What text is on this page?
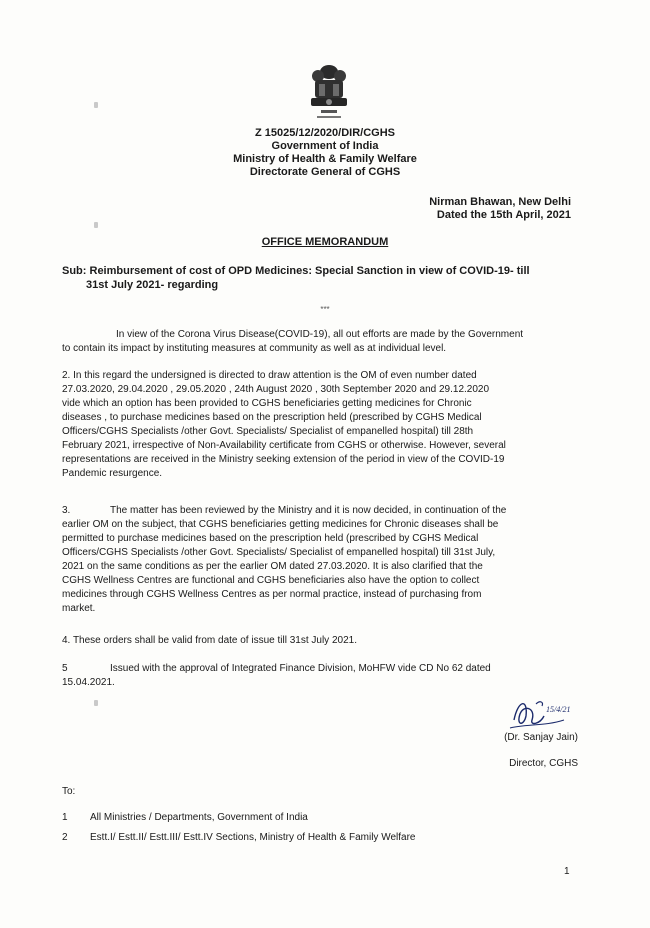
Z 15025/12/2020/DIR/CGHS
Government of India
Ministry of Health & Family Welfare
Directorate General of CGHS
Nirman Bhawan, New Delhi
Dated the 15th April, 2021
OFFICE MEMORANDUM
Sub: Reimbursement of cost of OPD Medicines: Special Sanction in view of COVID-19- till
31st July 2021- regarding
***
In view of the Corona Virus Disease(COVID-19), all out efforts are made by the Government
to contain its impact by instituting measures at community as well as at individual level.
2. In this regard the undersigned is directed to draw attention is the OM of even number dated
27.03.2020, 29.04.2020 , 29.05.2020 , 24th August 2020 , 30th September 2020 and 29.12.2020
vide which an option has been provided to CGHS beneficiaries getting medicines for Chronic
diseases , to purchase medicines based on the prescription held (prescribed by CGHS Medical
Officers/CGHS Specialists /other Govt. Specialists/ Specialist of empanelled hospital) till 28th
February 2021, irrespective of Non-Availability certificate from CGHS or otherwise. However, several
representations are received in the Ministry seeking extension of the period in view of the COVID-19
Pandemic resurgence.
3.	The matter has been reviewed by the Ministry and it is now decided, in continuation of the
earlier OM on the subject, that CGHS beneficiaries getting medicines for Chronic diseases shall be
permitted to purchase medicines based on the prescription held (prescribed by CGHS Medical
Officers/CGHS Specialists /other Govt. Specialists/ Specialist of empanelled hospital) till 31st July,
2021 on the same conditions as per the earlier OM dated 27.03.2020. It is also clarified that the
CGHS Wellness Centres are functional and CGHS beneficiaries also have the option to collect
medicines through CGHS Wellness Centres as per normal practice, instead of purchasing from
market.
4. These orders shall be valid from date of issue till 31st July 2021.
5	Issued with the approval of Integrated Finance Division, MoHFW vide CD No 62 dated
15.04.2021.
15/4/21
(Dr. Sanjay Jain)
Director, CGHS
To:
1 All Ministries / Departments, Government of India
2 Estt.I/ Estt.II/ Estt.III/ Estt.IV Sections, Ministry of Health & Family Welfare
1
